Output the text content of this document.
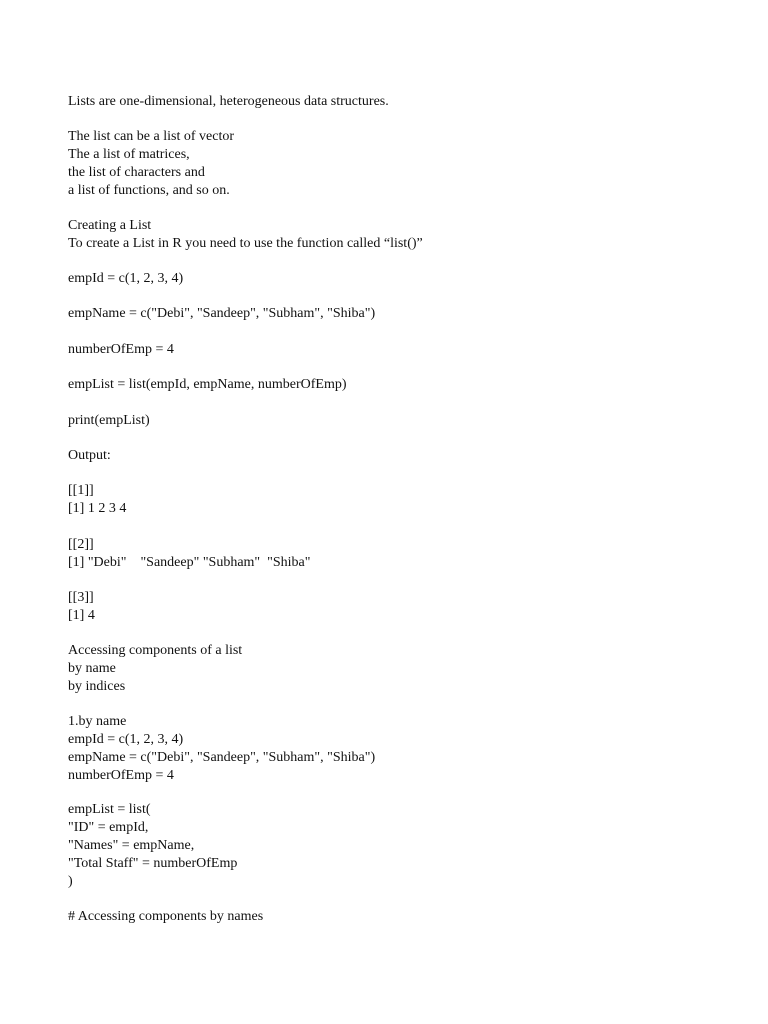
Lists are one-dimensional, heterogeneous data structures.
The list can be a list of vector
The a list of matrices,
the list of characters and
a list of functions, and so on.
Creating a List
To create a List in R you need to use the function called “list()”
empId = c(1, 2, 3, 4)
empName = c("Debi", "Sandeep", "Subham", "Shiba")
numberOfEmp = 4
empList = list(empId, empName, numberOfEmp)
print(empList)
Output:
[[1]]
[1] 1 2 3 4
[[2]]
[1] "Debi"    "Sandeep" "Subham"  "Shiba"
[[3]]
[1] 4
Accessing components of a list
by name
by indices
1.by name
empId = c(1, 2, 3, 4)
empName = c("Debi", "Sandeep", "Subham", "Shiba")
numberOfEmp = 4
empList = list(
"ID" = empId,
"Names" = empName,
"Total Staff" = numberOfEmp
)
# Accessing components by names
